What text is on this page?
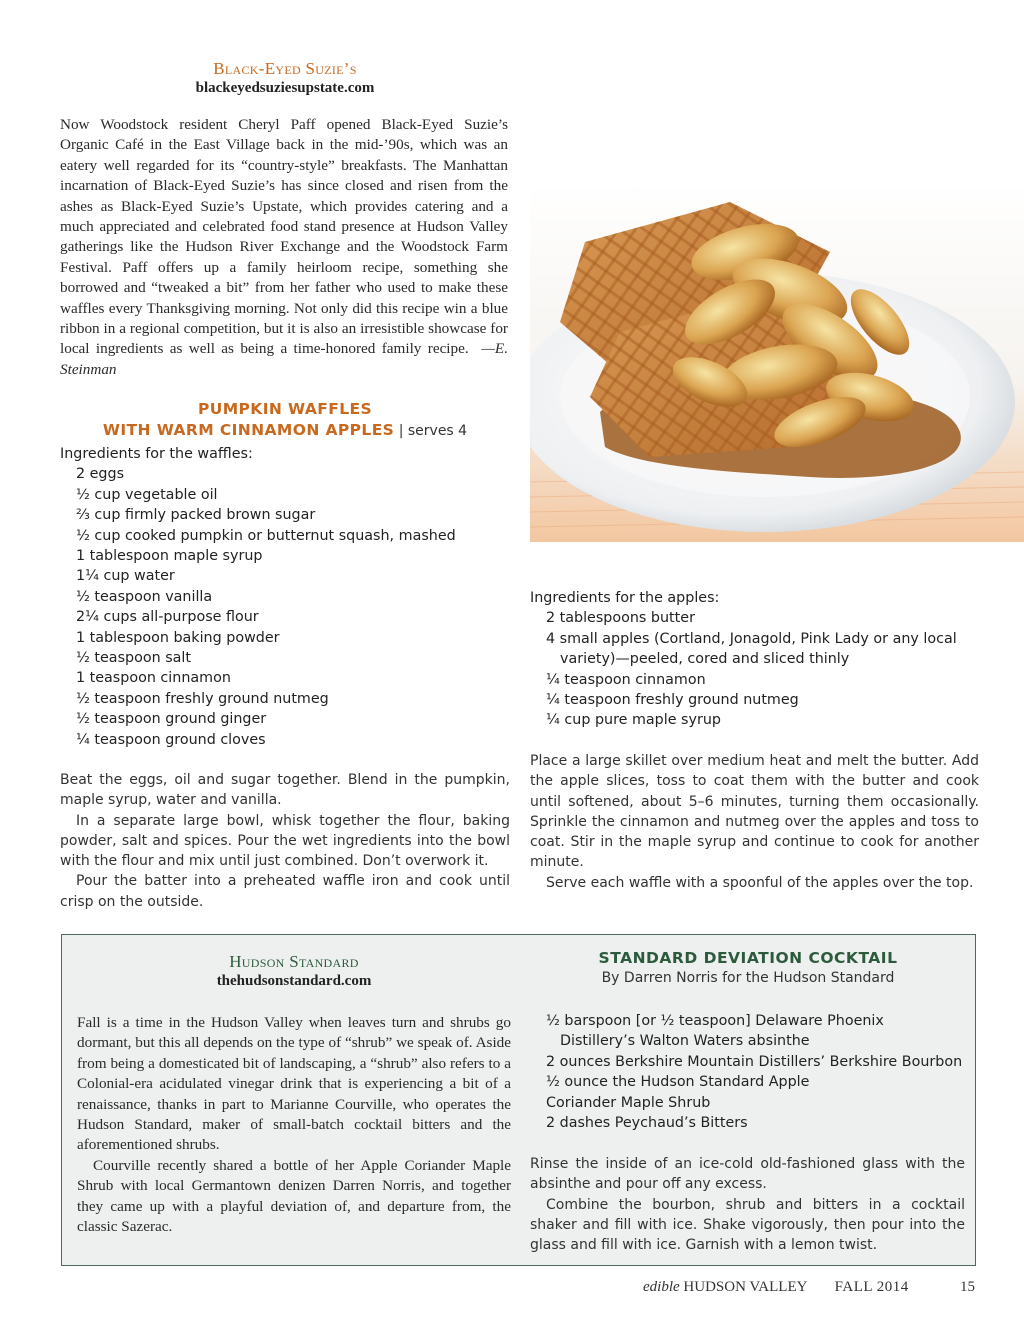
Black-Eyed Suzie’s
blackeyedsuziesupstate.com
Now Woodstock resident Cheryl Paff opened Black-Eyed Suzie’s Organic Café in the East Village back in the mid-’90s, which was an eatery well regarded for its “country-style” breakfasts. The Manhattan incarnation of Black-Eyed Suzie’s has since closed and risen from the ashes as Black-Eyed Suzie’s Upstate, which provides catering and a much appreciated and celebrated food stand presence at Hudson Valley gatherings like the Hudson River Exchange and the Woodstock Farm Festival. Paff offers up a family heirloom recipe, something she borrowed and “tweaked a bit” from her father who used to make these waffles every Thanksgiving morning. Not only did this recipe win a blue ribbon in a regional competition, but it is also an irresistible showcase for local ingredients as well as being a time-honored family recipe. —E. Steinman
PUMPKIN WAFFLES
WITH WARM CINNAMON APPLES | serves 4

Ingredients for the waffles:

2 eggs
½ cup vegetable oil
⅔ cup firmly packed brown sugar
½ cup cooked pumpkin or butternut squash, mashed
1 tablespoon maple syrup
1¼ cup water
½ teaspoon vanilla
2¼ cups all-purpose flour
1 tablespoon baking powder
½ teaspoon salt
1 teaspoon cinnamon
½ teaspoon freshly ground nutmeg
½ teaspoon ground ginger
¼ teaspoon ground cloves

Beat the eggs, oil and sugar together. Blend in the pumpkin, maple syrup, water and vanilla.

In a separate large bowl, whisk together the flour, baking powder, salt and spices. Pour the wet ingredients into the bowl with the flour and mix until just combined. Don’t overwork it.

Pour the batter into a preheated waffle iron and cook until crisp on the outside.

Ingredients for the apples:

2 tablespoons butter
4 small apples (Cortland, Jonagold, Pink Lady or any local
variety)—peeled, cored and sliced thinly
¼ teaspoon cinnamon
¼ teaspoon freshly ground nutmeg
¼ cup pure maple syrup

Place a large skillet over medium heat and melt the butter. Add the apple slices, toss to coat them with the butter and cook until softened, about 5–6 minutes, turning them occasionally. Sprinkle the cinnamon and nutmeg over the apples and toss to coat. Stir in the maple syrup and continue to cook for another minute.

Serve each waffle with a spoonful of the apples over the top.

Hudson Standard
thehudsonstandard.com

Fall is a time in the Hudson Valley when leaves turn and shrubs go dormant, but this all depends on the type of “shrub” we speak of. Aside from being a domesticated bit of landscaping, a “shrub” also refers to a Colonial-era acidulated vinegar drink that is experiencing a bit of a renaissance, thanks in part to Marianne Courville, who operates the Hudson Standard, maker of small-batch cocktail bitters and the aforementioned shrubs.

Courville recently shared a bottle of her Apple Coriander Maple Shrub with local Germantown denizen Darren Norris, and together they came up with a playful deviation of, and departure from, the classic Sazerac.

STANDARD DEVIATION COCKTAIL
By Darren Norris for the Hudson Standard
½ barspoon [or ½ teaspoon] Delaware Phoenix
Distillery’s Walton Waters absinthe
2 ounces Berkshire Mountain Distillers’ Berkshire Bourbon
½ ounce the Hudson Standard Apple
Coriander Maple Shrub
2 dashes Peychaud’s Bitters

Rinse the inside of an ice-cold old-fashioned glass with the absinthe and pour off any excess.

Combine the bourbon, shrub and bitters in a cocktail shaker and fill with ice. Shake vigorously, then pour into the glass and fill with ice. Garnish with a lemon twist.

edible HUDSON VALLEY FALL 2014	15
